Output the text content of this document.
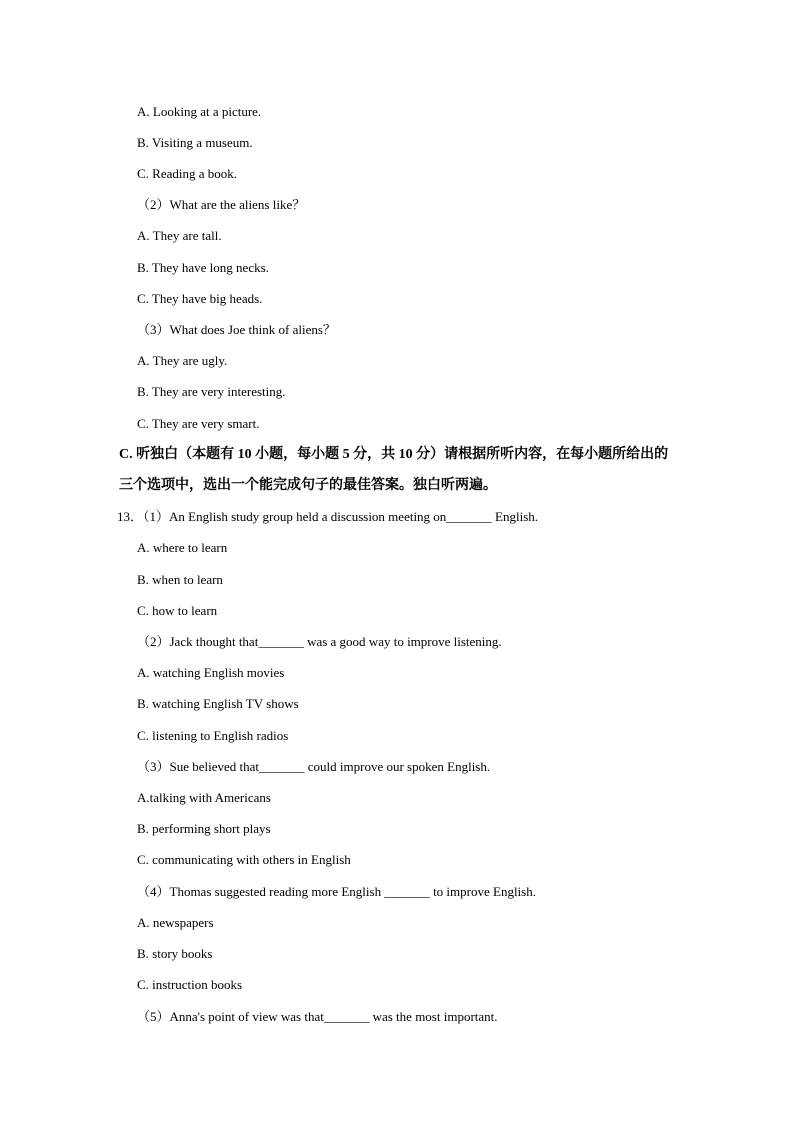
A. Looking at a picture.
B. Visiting a museum.
C. Reading a book.
（2）What are the aliens like？
A. They are tall.
B. They have long necks.
C. They have big heads.
（3）What does Joe think of aliens？
A. They are ugly.
B. They are very interesting.
C. They are very smart.
C. 听独白（本题有 10 小题，每小题 5 分，共 10 分）请根据所听内容，在每小题所给出的
三个选项中，选出一个能完成句子的最佳答案。独白听两遍。
13．（1）An English study group held a discussion meeting on_______ English.
A. where to learn
B. when to learn
C. how to learn
（2）Jack thought that_______ was a good way to improve listening.
A. watching English movies
B. watching English TV shows
C. listening to English radios
（3）Sue believed that_______ could improve our spoken English.
A.talking with Americans
B. performing short plays
C. communicating with others in English
（4）Thomas suggested reading more English _______ to improve English.
A. newspapers
B. story books
C. instruction books
（5）Anna's point of view was that_______ was the most important.
